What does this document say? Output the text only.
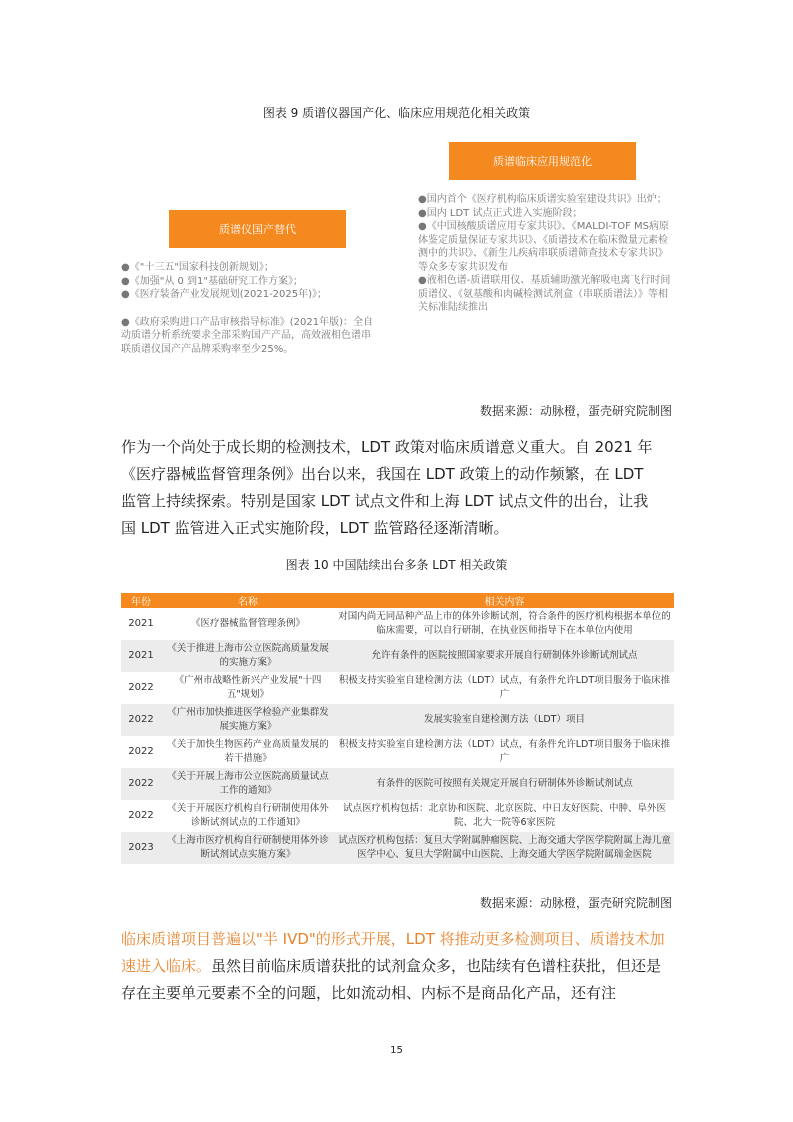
图表 9 质谱仪器国产化、临床应用规范化相关政策
质谱临床应用规范化
质谱仪国产替代

●国内首个《医疗机构临床质谱实验室建设共识》出炉；

●国内 LDT 试点正式进入实施阶段；

●《中国核酸质谱应用专家共识》、《MALDI-TOF MS病原体鉴定质量保证专家共识》、《质谱技术在临床微量元素检测中的共识》、《新生儿疾病串联质谱筛查技术专家共识》等众多专家共识发布

●液相色谱-质谱联用仪、基质辅助激光解吸电离飞行时间质谱仪、《氨基酸和肉碱检测试剂盒（串联质谱法）》等相关标准陆续推出

●《"十三五"国家科技创新规划》；

●《加强"从 0 到1"基础研究工作方案》；

●《医疗装备产业发展规划(2021-2025年)》；

●《政府采购进口产品审核指导标准》(2021年版)：全自动质谱分析系统要求全部采购国产产品，高效液相色谱串联质谱仪国产产品牌采购率至少25%。

数据来源：动脉橙，蛋壳研究院制图

作为一个尚处于成长期的检测技术，LDT 政策对临床质谱意义重大。自 2021 年

《医疗器械监督管理条例》出台以来，我国在 LDT 政策上的动作频繁，在 LDT

监管上持续探索。特别是国家 LDT 试点文件和上海 LDT 试点文件的出台，让我

国 LDT 监管进入正式实施阶段，LDT 监管路径逐渐清晰。

图表 10 中国陆续出台多条 LDT 相关政策
年份	名称	相关内容
2021	《医疗器械监督管理条例》	对国内尚无同品种产品上市的体外诊断试剂，符合条件的医疗机构根据本单位的临床需要，可以自行研制，在执业医师指导下在本单位内使用
2021	《关于推进上海市公立医院高质量发展的实施方案》	允许有条件的医院按照国家要求开展自行研制体外诊断试剂试点
2022	《广州市战略性新兴产业发展"十四五"规划》	积极支持实验室自建检测方法（LDT）试点，有条件允许LDT项目服务于临床推广
2022	《广州市加快推进医学检验产业集群发展实施方案》	发展实验室自建检测方法（LDT）项目
2022	《关于加快生物医药产业高质量发展的若干措施》	积极支持实验室自建检测方法（LDT）试点，有条件允许LDT项目服务于临床推广
2022	《关于开展上海市公立医院高质量试点工作的通知》	有条件的医院可按照有关规定开展自行研制体外诊断试剂试点
2022	《关于开展医疗机构自行研制使用体外诊断试剂试点的工作通知》	试点医疗机构包括：北京协和医院、北京医院、中日友好医院、中肿、阜外医院、北大一院等6家医院
2023	《上海市医疗机构自行研制使用体外诊断试剂试点实施方案》	试点医疗机构包括：复旦大学附属肿瘤医院、上海交通大学医学院附属上海儿童医学中心、复旦大学附属中山医院、上海交通大学医学院附属瑞金医院
数据来源：动脉橙，蛋壳研究院制图

临床质谱项目普遍以"半 IVD"的形式开展，LDT 将推动更多检测项目、质谱技术加速进入临床。虽然目前临床质谱获批的试剂盒众多，也陆续有色谱柱获批，但还是存在主要单元要素不全的问题，比如流动相、内标不是商品化产品，还有注

15
